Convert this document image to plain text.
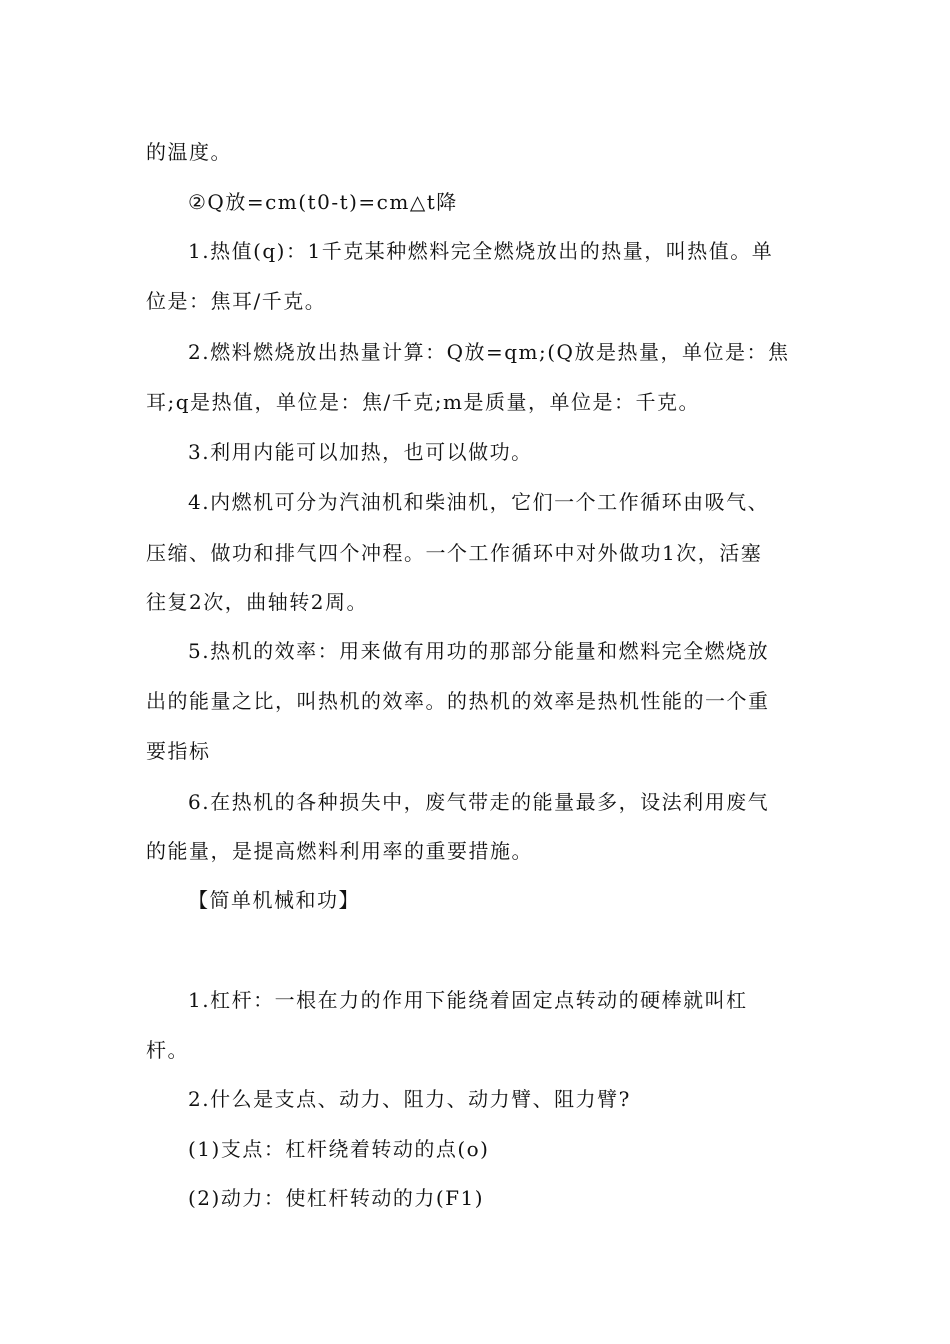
的温度。
②Q放=cm(t0-t)=cm△t降
1.热值(q)：1千克某种燃料完全燃烧放出的热量，叫热值。单
位是：焦耳/千克。
2.燃料燃烧放出热量计算：Q放=qm;(Q放是热量，单位是：焦
耳;q是热值，单位是：焦/千克;m是质量，单位是：千克。
3.利用内能可以加热，也可以做功。
4.内燃机可分为汽油机和柴油机，它们一个工作循环由吸气、
压缩、做功和排气四个冲程。一个工作循环中对外做功1次，活塞
往复2次，曲轴转2周。
5.热机的效率：用来做有用功的那部分能量和燃料完全燃烧放
出的能量之比，叫热机的效率。的热机的效率是热机性能的一个重
要指标
6.在热机的各种损失中，废气带走的能量最多，设法利用废气
的能量，是提高燃料利用率的重要措施。
【简单机械和功】
1.杠杆：一根在力的作用下能绕着固定点转动的硬棒就叫杠
杆。
2.什么是支点、动力、阻力、动力臂、阻力臂?
(1)支点：杠杆绕着转动的点(o)
(2)动力：使杠杆转动的力(F1)
